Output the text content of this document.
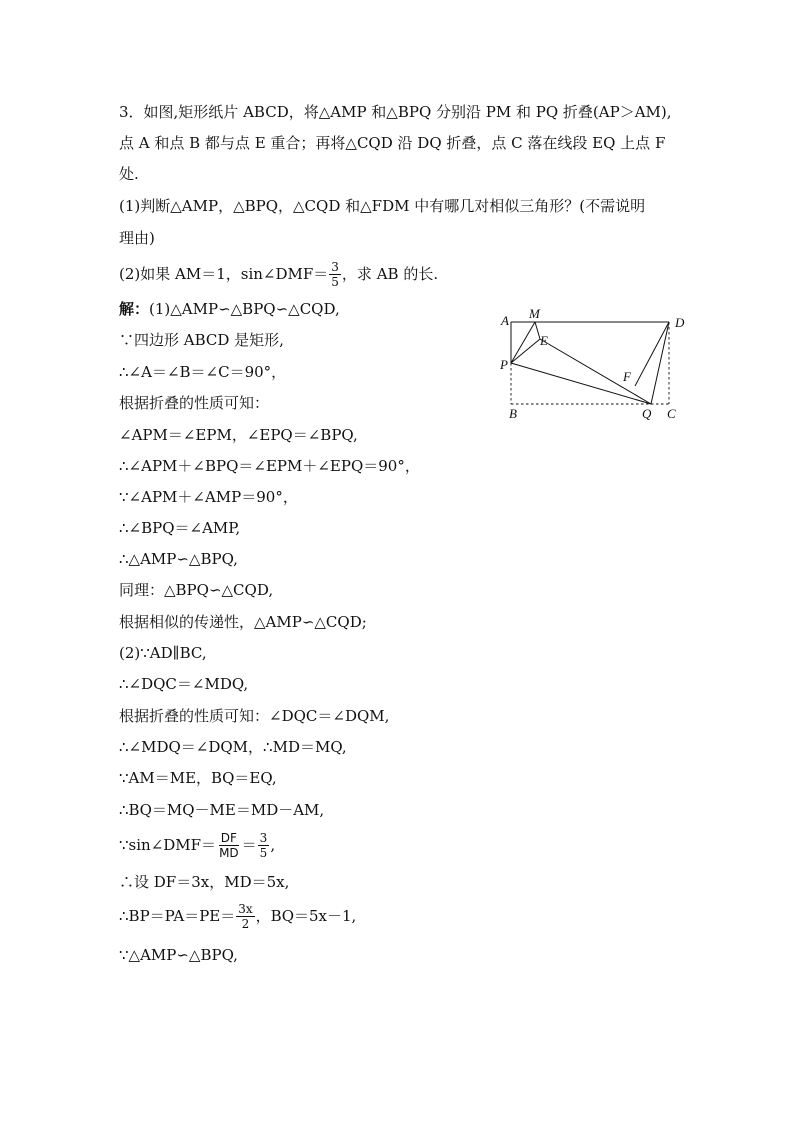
3．如图,矩形纸片 ABCD，将△AMP 和△BPQ 分别沿 PM 和 PQ 折叠(AP＞AM),
点 A 和点 B 都与点 E 重合；再将△CQD 沿 DQ 折叠，点 C 落在线段 EQ 上点 F
处.
(1)判断△AMP，△BPQ，△CQD 和△FDM 中有哪几对相似三角形？(不需说明
理由)
(2)如果 AM＝1，sin∠DMF＝ $\frac{3}{5}$ ，求 AB 的长.
解：(1)△AMP∽△BPQ∽△CQD,
∵四边形 ABCD 是矩形,
∴∠A＝∠B＝∠C＝90°，
根据折叠的性质可知：
∠APM＝∠EPM，∠EPQ＝∠BPQ,
∴∠APM＋∠BPQ＝∠EPM＋∠EPQ＝90°，
∵∠APM＋∠AMP＝90°，
∴∠BPQ＝∠AMP,
∴△AMP∽△BPQ,
同理：△BPQ∽△CQD,
根据相似的传递性，△AMP∽△CQD;
(2)∵AD∥BC,
∴∠DQC＝∠MDQ,
根据折叠的性质可知：∠DQC＝∠DQM,
∴∠MDQ＝∠DQM，∴MD＝MQ,
∵AM＝ME，BQ＝EQ,
∴BQ＝MQ－ME＝MD－AM,
∵sin∠DMF＝ $\frac{DF}{MD} = \frac{3}{5}$ ,
∴设 DF＝3x，MD＝5x,
∴BP＝PA＝PE＝ $\frac{3x}{2}$ ，BQ＝5x－1,
∵△AMP∽△BPQ,
A M
D
E
P
F
B	Q C
